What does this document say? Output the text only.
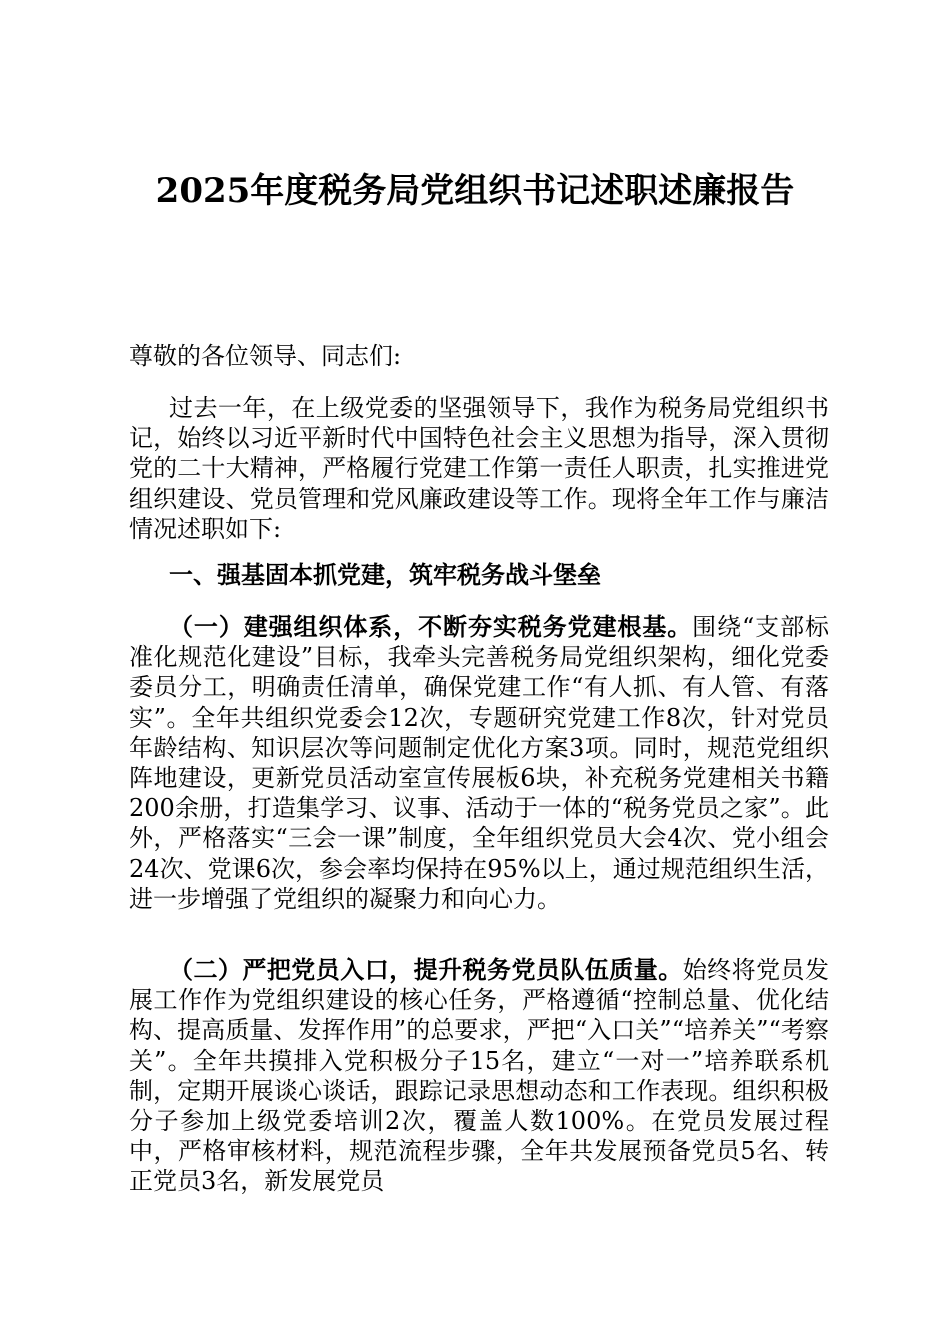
2025年度税务局党组织书记述职述廉报告

尊敬的各位领导、同志们:

过去一年，在上级党委的坚强领导下，我作为税务局党组织书记，始终以习近平新时代中国特色社会主义思想为指导，深入贯彻党的二十大精神，严格履行党建工作第一责任人职责，扎实推进党组织建设、党员管理和党风廉政建设等工作。现将全年工作与廉洁情况述职如下:

一、强基固本抓党建，筑牢税务战斗堡垒

（一）建强组织体系，不断夯实税务党建根基。围绕“支部标准化规范化建设”目标，我牵头完善税务局党组织架构，细化党委委员分工，明确责任清单，确保党建工作“有人抓、有人管、有落实”。全年共组织党委会12次，专题研究党建工作8次，针对党员年龄结构、知识层次等问题制定优化方案3项。同时，规范党组织阵地建设，更新党员活动室宣传展板6块，补充税务党建相关书籍200余册，打造集学习、议事、活动于一体的“税务党员之家”。此外，严格落实“三会一课”制度，全年组织党员大会4次、党小组会24次、党课6次，参会率均保持在95%以上，通过规范组织生活，进一步增强了党组织的凝聚力和向心力。

（二）严把党员入口，提升税务党员队伍质量。始终将党员发展工作作为党组织建设的核心任务，严格遵循“控制总量、优化结构、提高质量、发挥作用”的总要求，严把“入口关”“培养关”“考察关”。全年共摸排入党积极分子15名，建立“一对一”培养联系机制，定期开展谈心谈话，跟踪记录思想动态和工作表现。组织积极分子参加上级党委培训2次，覆盖人数100%。在党员发展过程中，严格审核材料，规范流程步骤，全年共发展预备党员5名、转正党员3名，新发展党员
